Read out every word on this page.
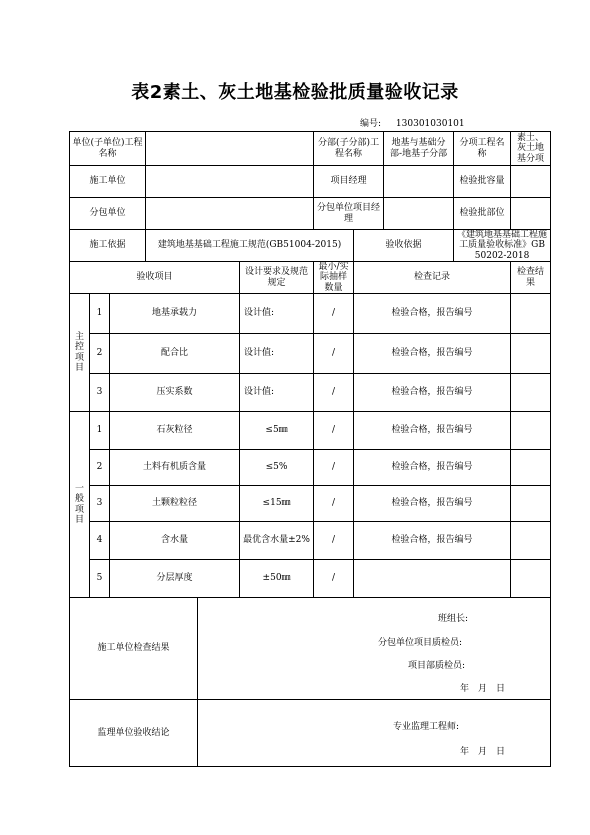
表2素土、灰土地基检验批质量验收记录
编号: 130301030101
单位(子单位)工程名称						分部(子分部)工程名称		地基与基础分部-地基子分部	分项工程名称	素土、灰土地基分项
施工单位						项目经理			检验批容量	
分包单位						分包单位项目经理			检验批部位	
施工依据			建筑地基基础工程施工规范(GB51004-2015)				验收依据		《建筑地基基础工程施工质量验收标准》GB 50202-2018	
验收项目					设计要求及规范规定	最小/实际抽样数量	检查记录			检查结果

主控项目	1	地基承载力			设计值:	/	检验合格，报告编号			
	2	配合比			设计值:	/	检验合格，报告编号			
	3	压实系数			设计值:	/	检验合格，报告编号			

一般项目	1	石灰粒径			≤5㎜	/	检验合格，报告编号			
	2	土料有机质含量			≤5%	/	检验合格，报告编号			
	3	土颗粒粒径			≤15㎜	/	检验合格，报告编号			
	4	含水量			最优含水量±2%	/	检验合格，报告编号			
	5	分层厚度			±50㎜	/				
施工单位检查结果				班组长:
分包单位项目质检员:
项目部质检员:
年　月　日						

监理单位验收结论				专业监理工程师:
年　月　日						
